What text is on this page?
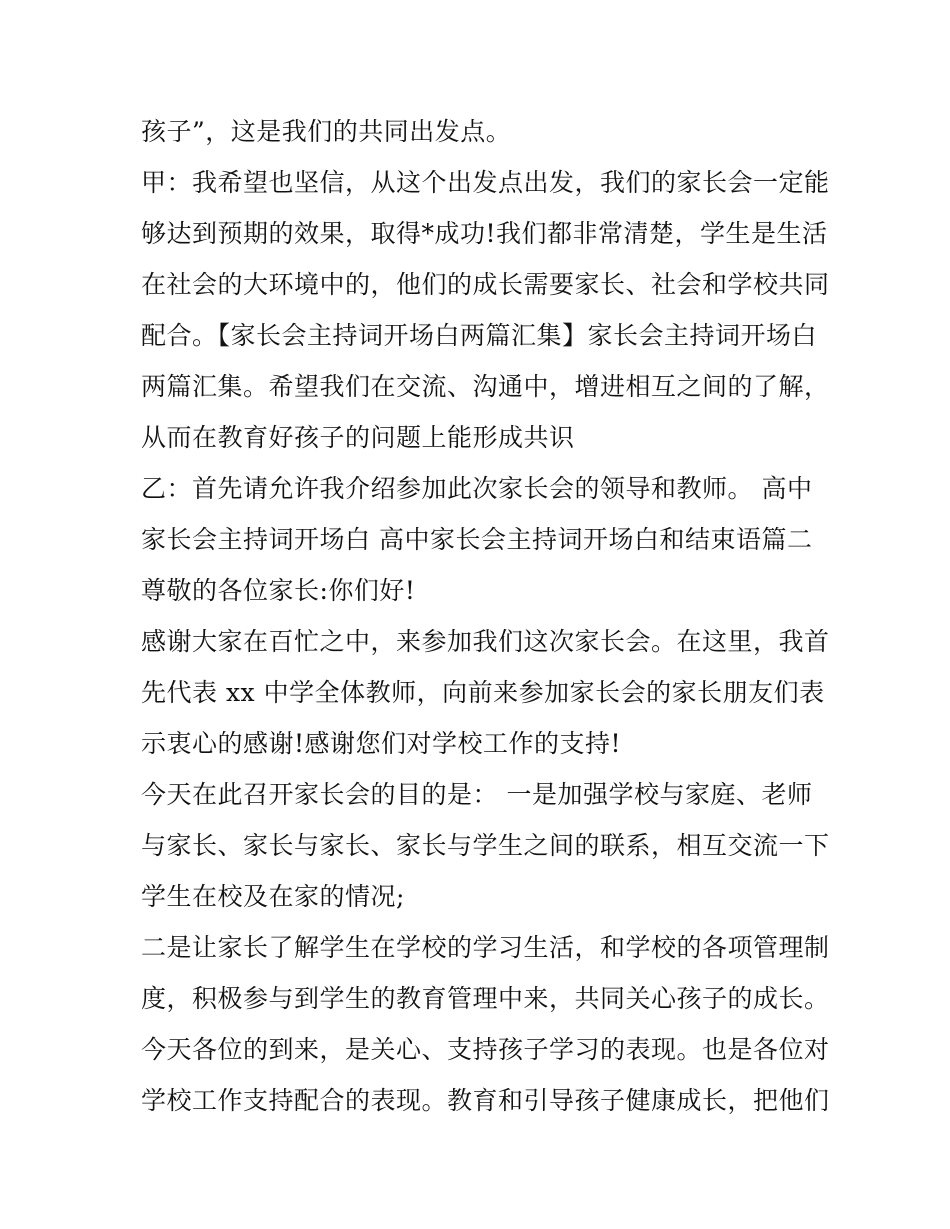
孩子”，这是我们的共同出发点。
甲：我希望也坚信，从这个出发点出发，我们的家长会一定能
够达到预期的效果，取得*成功!我们都非常清楚，学生是生活
在社会的大环境中的，他们的成长需要家长、社会和学校共同
配合。【家长会主持词开场白两篇汇集】家长会主持词开场白
两篇汇集。希望我们在交流、沟通中，增进相互之间的了解，
从而在教育好孩子的问题上能形成共识
乙：首先请允许我介绍参加此次家长会的领导和教师。 高中
家长会主持词开场白 高中家长会主持词开场白和结束语篇二
尊敬的各位家长:你们好!
感谢大家在百忙之中，来参加我们这次家长会。在这里，我首
先代表 xx 中学全体教师，向前来参加家长会的家长朋友们表
示衷心的感谢!感谢您们对学校工作的支持!
今天在此召开家长会的目的是： 一是加强学校与家庭、老师
与家长、家长与家长、家长与学生之间的联系，相互交流一下
学生在校及在家的情况;
二是让家长了解学生在学校的学习生活，和学校的各项管理制
度，积极参与到学生的教育管理中来，共同关心孩子的成长。
今天各位的到来，是关心、支持孩子学习的表现。也是各位对
学校工作支持配合的表现。教育和引导孩子健康成长，把他们
